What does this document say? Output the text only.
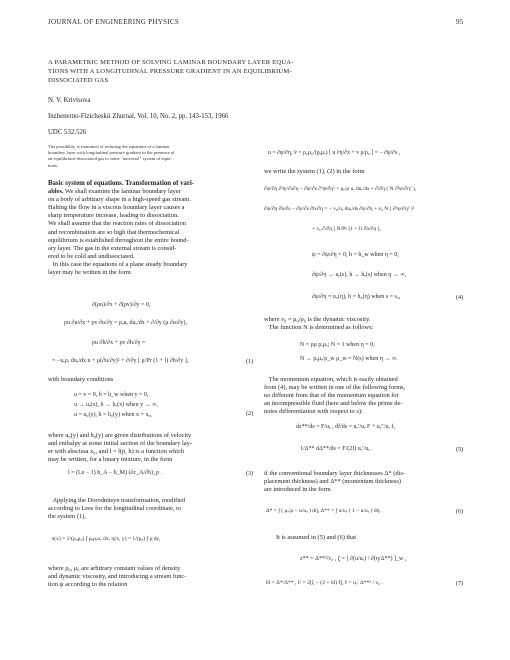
JOURNAL OF ENGINEERING PHYSICS	95
A PARAMETRIC METHOD OF SOLVING LAMINAR BOUNDARY LAYER EQUA-
TIONS WITH A LONGITUDINAL PRESSURE GRADIENT IN AN EQUILIBRIUM-
DISSOCIATED GAS
N. V. Krivtsova
Inzhenerno-Fizicheskii Zhurnal, Vol. 10, No. 2, pp. 143-153, 1966
UDC 532.526
The possibility is examined of reducing the equations of a laminar
boundary layer with longitudinal pressure gradient in the presence of
an equilibrium-dissociated gas to some "universal" system of equa-
tions.
Basic system of equations. Transformation of vari-
ables. We shall examine the laminar boundary layer
on a body of arbitrary shape in a high-speed gas stream.
Halting the flow in a viscous boundary layer causes a
sharp temperature increase, leading to dissociation.
We shall assume that the reaction rates of dissociation
and recombination are so high that thermochemical
equilibrium is established throughout the entire bound-
ary layer. The gas in the external stream is consid-
ered to be cold and undissociated.
In this case the equations of a plane steady boundary
layer may be written in the form
∂(ρu)/∂x + ∂(ρv)/∂y = 0,
ρu ∂u/∂x + ρv ∂u/∂y = ρₑuₑ duₑ/dx + ∂/∂y (μ ∂u/∂y),
ρu ∂h/∂x + ρv ∂h/∂y =
= −uₑρₑ duₑ/dx u + μ(∂u/∂y)² + ∂/∂y [ μ/Pr (1 + l) ∂h/∂y ],	(1)
with boundary conditions
u = v = 0, h = h_w when y = 0,
u → uₑ(x), h → hₑ(x) when y → ∞,
u = u₀(y), h = h₀(y) when x = x₀,	(2)
where u₀(y) and h₀(y) are given distributions of velocity
and enthalpy at some initial section of the boundary lay-
er with abscissa x₀, and l = l(p, h) is a function which
may be written, for a binary mixture, in the form
l = (Le − 1) h_A − h_M) (∂c_A/∂h)_p .	(3)
Applying the Dorodnitsyn transformation, modified
according to Lees for the longitudinal coordinate, to
the system (1),
s(x) = 1/(ρ₀μ₀) ∫ ρₑμₑuₑ dx, η(x, y) = 1/(ρ₀) ∫ ρ dy,
where ρ₀, μ₀ are arbitrary constant values of density
and dynamic viscosity, and introducing a stream func-
tion ψ according to the relation
u = ∂ψ/∂η, v̄ = ρ₀μ₀/(ρₑμₑ) [ u ∂η/∂x + v ρ/ρ₀ ] = − ∂ψ/∂s ,
we write the system (1), (2) in the form
∂ψ/∂η ∂²ψ/∂s∂η − ∂ψ/∂s ∂²ψ/∂η² = ρₑ/ρ uₑ duₑ/ds + ∂/∂η ( N ∂²ψ/∂η² ),
∂ψ/∂η ∂h/∂s − ∂ψ/∂s ∂h/∂η = − ν₀/uₑ duₑ/ds ∂ψ/∂η + ν₀ N ( ∂²ψ/∂η² )²
+ ν₀ ∂/∂η [ N/Pr (1 + l) ∂h/∂η ],
ψ = ∂ψ/∂η = 0, h = h_w when η = 0,
∂ψ/∂η → uₑ(s), h → hₑ(s) when η → ∞,
∂ψ/∂η = u₀(η), h = h₀(η) when s = s₀,	(4)
where ν₀ = μ₀/ρ₀ is the dynamic viscosity.
The function N is determined as follows:
N = ρμ ρₑμₑ; N = 1 when η = 0,
N → ρₑμₑ/ρ_w μ_w = N(s) when η → ∞.
The momentum equation, which is easily obtained
from (4), may be written in one of the following forms,
no different from that of the momentum equation for
an incompressible fluid (here and below the prime de-
notes differentiation with respect to s):
dz**/ds = F/uₑ , df/ds = uₑ′/uₑ F + uₑ″/uₑ f,
1/Δ** dΔ**/ds = F/(2f) uₑ′/uₑ .	(5)
if the conventional boundary layer thicknesses Δ* (dis-
placement thickness) and Δ** (momentum thickness)
are introduced in the form
Δ* = ∫ ( ρₑ/ρ − u/uₑ ) dη, Δ** = ∫ u/uₑ ( 1 − u/uₑ ) dη.	(6)
It is assumed in (5) and (6) that
z** = Δ**²/ν₀ , ζ = [ ∂(u/uₑ) / ∂(η/Δ**) ]_w ,
H = Δ*/Δ** , F = 2[ζ − (2 + H) f], f = uₑ′ Δ**² / ν₀ .	(7)
